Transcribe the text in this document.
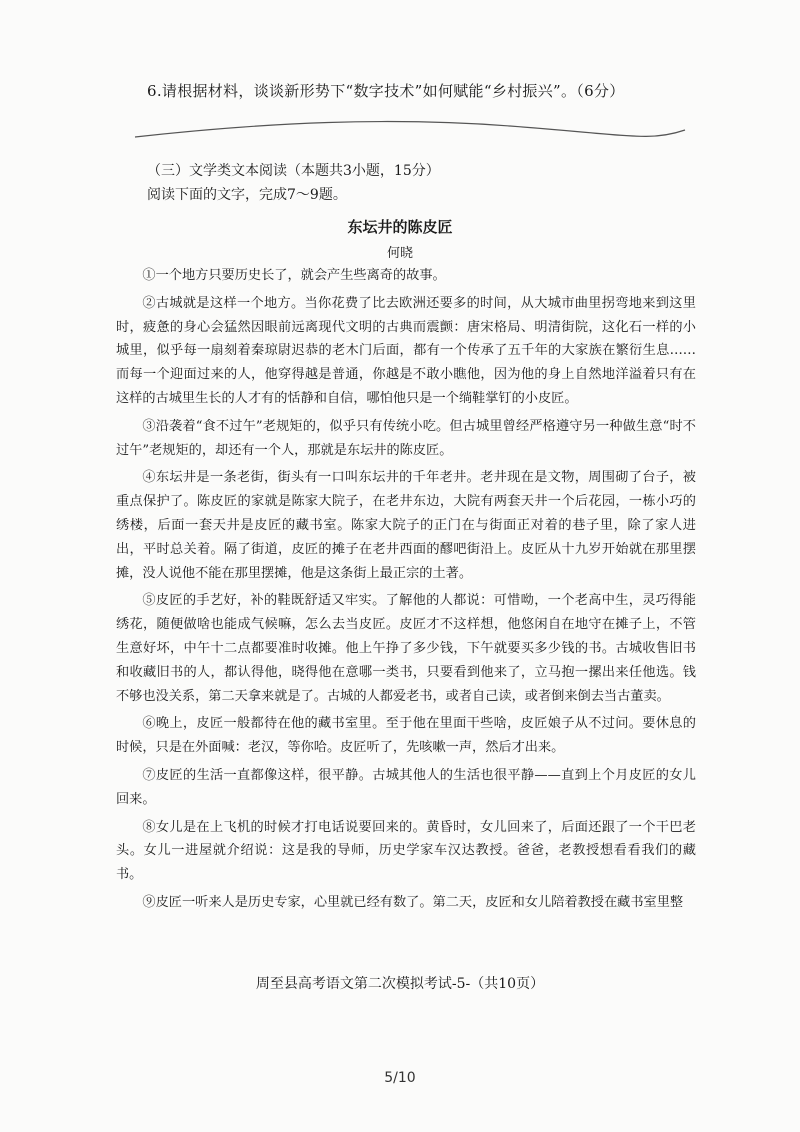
6.请根据材料，谈谈新形势下“数字技术”如何赋能“乡村振兴”。（6分）
（三）文学类文本阅读（本题共3小题，15分）
阅读下面的文字，完成7～9题。
东坛井的陈皮匠
何晓

①一个地方只要历史长了，就会产生些离奇的故事。

②古城就是这样一个地方。当你花费了比去欧洲还要多的时间，从大城市曲里拐弯地来到这里时，疲惫的身心会猛然因眼前远离现代文明的古典而震颤：唐宋格局、明清街院，这化石一样的小城里，似乎每一扇刻着秦琼尉迟恭的老木门后面，都有一个传承了五千年的大家族在繁衍生息……而每一个迎面过来的人，他穿得越是普通，你越是不敢小瞧他，因为他的身上自然地洋溢着只有在这样的古城里生长的人才有的恬静和自信，哪怕他只是一个绱鞋掌钉的小皮匠。

③沿袭着“食不过午”老规矩的，似乎只有传统小吃。但古城里曾经严格遵守另一种做生意“时不过午”老规矩的，却还有一个人，那就是东坛井的陈皮匠。

④东坛井是一条老街，街头有一口叫东坛井的千年老井。老井现在是文物，周围砌了台子，被重点保护了。陈皮匠的家就是陈家大院子，在老井东边，大院有两套天井一个后花园，一栋小巧的绣楼，后面一套天井是皮匠的藏书室。陈家大院子的正门在与街面正对着的巷子里，除了家人进出，平时总关着。隔了街道，皮匠的摊子在老井西面的醪吧街沿上。皮匠从十九岁开始就在那里摆摊，没人说他不能在那里摆摊，他是这条街上最正宗的土著。

⑤皮匠的手艺好，补的鞋既舒适又牢实。了解他的人都说：可惜呦，一个老高中生，灵巧得能绣花，随便做啥也能成气候嘛，怎么去当皮匠。皮匠才不这样想，他悠闲自在地守在摊子上，不管生意好坏，中午十二点都要准时收摊。他上午挣了多少钱，下午就要买多少钱的书。古城收售旧书和收藏旧书的人，都认得他，晓得他在意哪一类书，只要看到他来了，立马抱一摞出来任他选。钱不够也没关系，第二天拿来就是了。古城的人都爱老书，或者自己读，或者倒来倒去当古董卖。

⑥晚上，皮匠一般都待在他的藏书室里。至于他在里面干些啥，皮匠娘子从不过问。要休息的时候，只是在外面喊：老汉，等你哈。皮匠听了，先咳嗽一声，然后才出来。

⑦皮匠的生活一直都像这样，很平静。古城其他人的生活也很平静——直到上个月皮匠的女儿回来。

⑧女儿是在上飞机的时候才打电话说要回来的。黄昏时，女儿回来了，后面还跟了一个干巴老头。女儿一进屋就介绍说：这是我的导师，历史学家车汉达教授。爸爸，老教授想看看我们的藏书。

⑨皮匠一听来人是历史专家，心里就已经有数了。第二天，皮匠和女儿陪着教授在藏书室里整

周至县高考语文第二次模拟考试-5-（共10页）
5/10
